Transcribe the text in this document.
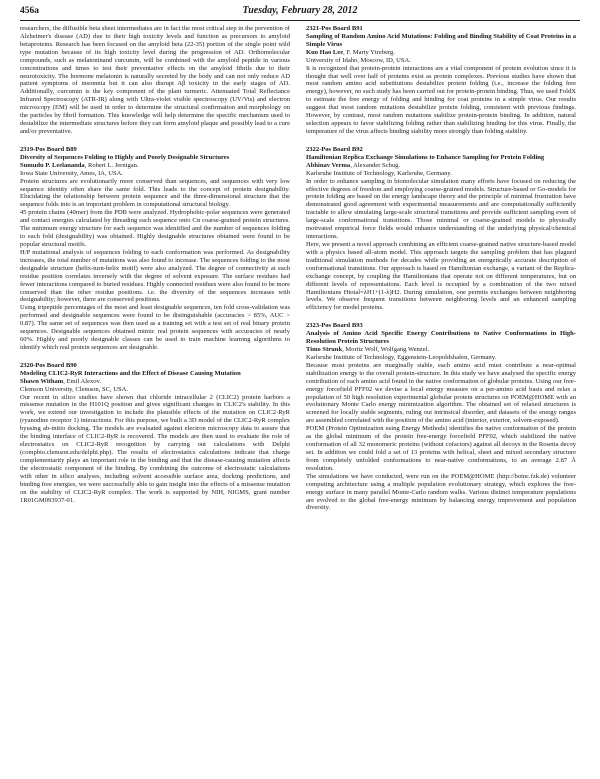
456a	Tuesday, February 28, 2012

researchers, the diffusible beta sheet intermediates are in fact the most critical step in the prevention of Alzheimer's disease (AD) due to their high toxicity levels and function as precursors to amyloid betaproteins. Research has been focused on the amyloid beta (22-35) portion of the single point wild type mutation because of its high toxicity level during the progression of AD. Orthomolecular compounds, such as melatoninand curcumin, will be combined with the amyloid peptide in various concentrations and times to test their preventative effects on the amyloid fibrils due to their neurotoxicity. The hormone melatonin is naturally secreted by the body and can not only reduce AD patient symptoms of insomnia but it can also disrupt Aβ toxicity in the early stages of AD. Additionally, curcumin is the key component of the plant turmeric. Attenuated Total Reflectance Infrared Spectroscopy (ATR-IR) along with Ultra-violet visible spectroscopy (UV/Vis) and electron microscopy (EM) will be used in order to determine the structural confirmation and morphology on the particles by fibril formation. This knowledge will help determine the specific mechanism used to destabilize the intermediate structures before they can form amyloid plaque and possibly lead to a cure and/or preventative.

2319-Pos Board B89

Diversity of Sequences Folding to Highly and Poorly Designable Structures

Sumudu P. Leelananda, Robert L. Jernigan.

Iowa State University, Ames, IA, USA.

Protein structures are evolutionarily more conserved than sequences, and sequences with very low sequence identity often share the same fold. This leads to the concept of protein designability. Elucidating the relationship between protein sequence and the three-dimensional structure that the sequence folds into is an important problem in computational structural biology.

45 protein chains (40mer) from the PDB were analyzed. Hydrophobic-polar sequences were generated and contact energies calculated by threading each sequence onto Cα coarse-grained protein structures. The minimum energy structure for each sequence was identified and the number of sequences folding to each fold (designability) was obtained. Highly designable structures obtained were found to be popular structural motifs.

H/P mutational analysis of sequences folding to each conformation was performed. As designability increases, the total number of mutations was also found to increase. The sequences folding to the most designable structure (helix-turn-helix motif) were also analyzed. The degree of connectivity at each residue position correlates inversely with the degree of solvent exposure. The surface residues had fewer interactions compared to buried residues. Highly connected residues were also found to be more conserved than the other residue positions. i.e. the diversity of the sequences increases with designability; however, there are conserved positions.

Using tripeptide percentages of the most and least designable sequences, ten fold cross-validation was performed and designable sequences were found to be distinguishable (accuracies > 85%, AUC > 0.87). The same set of sequences was then used as a training set with a test set of real binary protein sequences. Designable sequences obtained mimic real protein sequences with accuracies of nearly 60%. Highly and poorly designable classes can be used to train machine learning algorithms to identify which real protein sequences are designable.

2320-Pos Board B90

Modeling CLIC2-RyR Interactions and the Effect of Disease Causing Mutation

Shawn Witham, Emil Alexov.

Clemson University, Clemson, SC, USA.

Our recent in silico studies have shown that chloride intracellular 2 (CLIC2) protein harbors a missense mutation in the H101Q position and gives significant changes in CLIC2's stability. In this work, we extend our investigation to include the plausible effects of the mutation on CLIC2-RyR (ryanodine receptor 1) interactions. For this purpose, we built a 3D model of the CLIC2-RyR complex byusing ab-initio docking. The models are evaluated against electron microscopy data to assure that the binding interface of CLIC2-RyR is recovered. The models are then used to evaluate the role of electrostatics on CLIC2-RyR recognition by carrying out calculations with Delphi (compbio.clemson.edu/delphi.php). The results of electrostatics calculations indicate that charge complementarity plays an important role in the binding and that the disease-causing mutation affects the electrostatic component of the binding. By combining the outcome of electrostatic calculations with other in silico analyses, including solvent accessible surface area, docking predictions, and binding free energies, we were successfully able to gain insight into the effects of a missense mutation on the stability of CLIC2-RyR complex. The work is supported by NIH, NIGMS, grant number 1R01GM093937-01.

2321-Pos Board B91

Sampling of Random Amino Acid Mutations: Folding and Binding Stability of Coat Proteins in a Simple Virus

Kuo Hao Lee, F. Marty Ytreberg.

University of Idaho, Moscow, ID, USA.

It is recognized that protein-protein interactions are a vital component of protein evolution since it is thought that well over half of proteins exist as protein complexes. Previous studies have shown that most random amino acid substitutions destabilize protein folding (i.e., increase the folding free energy), however, no such study has been carried out for protein-protein binding. Thus, we used FoldX to estimate the free energy of folding and binding for coat proteins in a simple virus. Our results suggest that most random mutations destabilize protein folding, consistent with previous findings. However, by contrast, most random mutations stabilize protein-protein binding. In addition, natural selection appears to favor stabilizing folding rather than stabilizing binding for this virus. Finally, the temperature of the virus affects binding stability more strongly than folding stability.

2322-Pos Board B92

Hamiltonian Replica Exchange Simulations to Enhance Sampling for Protein Folding

Abhinav Verma, Alexander Schug.

Karlsruhe Institute of Technology, Karlsruhe, Germany.

In order to enhance sampling in biomolecular simulation many efforts have focused on reducing the effective degrees of freedom and employing coarse-grained models. Structure-based or Go-models for protein folding are based on the energy landscape theory and the principle of minimal frustration have demonstrated good agreement with experimental measurements and are computationally sufficiently tractable to allow simulating large-scale structural transitions and provide sufficient sampling even of large-scale conformational transitions. Those minimal or coarse-grained models to physically motivated empirical force fields would enhance understanding of the underlying physical/chemical interactions.

Here, we present a novel approach combining an efficient coarse-grained native structure-based model with a physics based all-atom model. This approach targets the sampling problem that has plagued traditional simulation methods for decades while providing an energetically accurate description of conformational transitions. Our approach is based on Hamiltonian exchange, a variant of the Replica-exchange concept, by coupling the Hamiltonians that operate not on different temperatures, but on different levels of representations. Each level is occupied by a combination of the two mixed Hamiltonians Htotal=λH1+(1-λ)H2. During simulation, one permits exchanges between neighboring levels. We observe frequent transitions between neighboring levels and an enhanced sampling efficiency for model proteins.

2323-Pos Board B93

Analysis of Amino Acid Specific Energy Contributions to Native Conformations in High-Resolution Protein Structures

Timo Strunk, Moritz Wolf, Wolfgang Wenzel.

Karlsruhe Institute of Technology, Eggenstein-Leopoldshafen, Germany.

Because most proteins are marginally stable, each amino acid must contribute a near-optimal stabilization energy to the overall protein-structure. In this study we have analysed the specific energy contribution of each amino acid found in the native conformation of globular proteins. Using our free-energy forcefield PFF02 we devise a local energy measure on a per-amino acid basis and relax a population of 50 high resolution experimental globular protein structures on POEM@HOME with an evolutionary Monte Carlo energy minimization algorithm. The obtained set of relaxed structures is screened for locally stable segments, ruling out intrinsical disorder, and datasets of the energy ranges are assembled correlated with the position of the amino acid (interior, exterior, solvent-exposed).

POEM (Protein Optimization using Energy Methods) identifies the native conformation of the protein as the global minimum of the protein free-energy forcefield PFF02, which stabilized the native conformation of all 32 monomeric proteins (without cofactors) against all decoys in the Rosetta decoy set. In addition we could fold a set of 13 proteins with helical, sheet and mixed secondary structure from completely unfolded conformations to near-native conformations, to an average 2.87 Å resolution.

The simulations we have conducted, were run on the POEM@HOME (http://boinc.fzk.de) volunteer computing architecture using a multiple population evolutionary strategy, which explores the free-energy surface in many parallel Monte-Carlo random walks. Various distinct temperature populations are evolved to the global free-energy minimum by balancing energy improvement and population diversity.
